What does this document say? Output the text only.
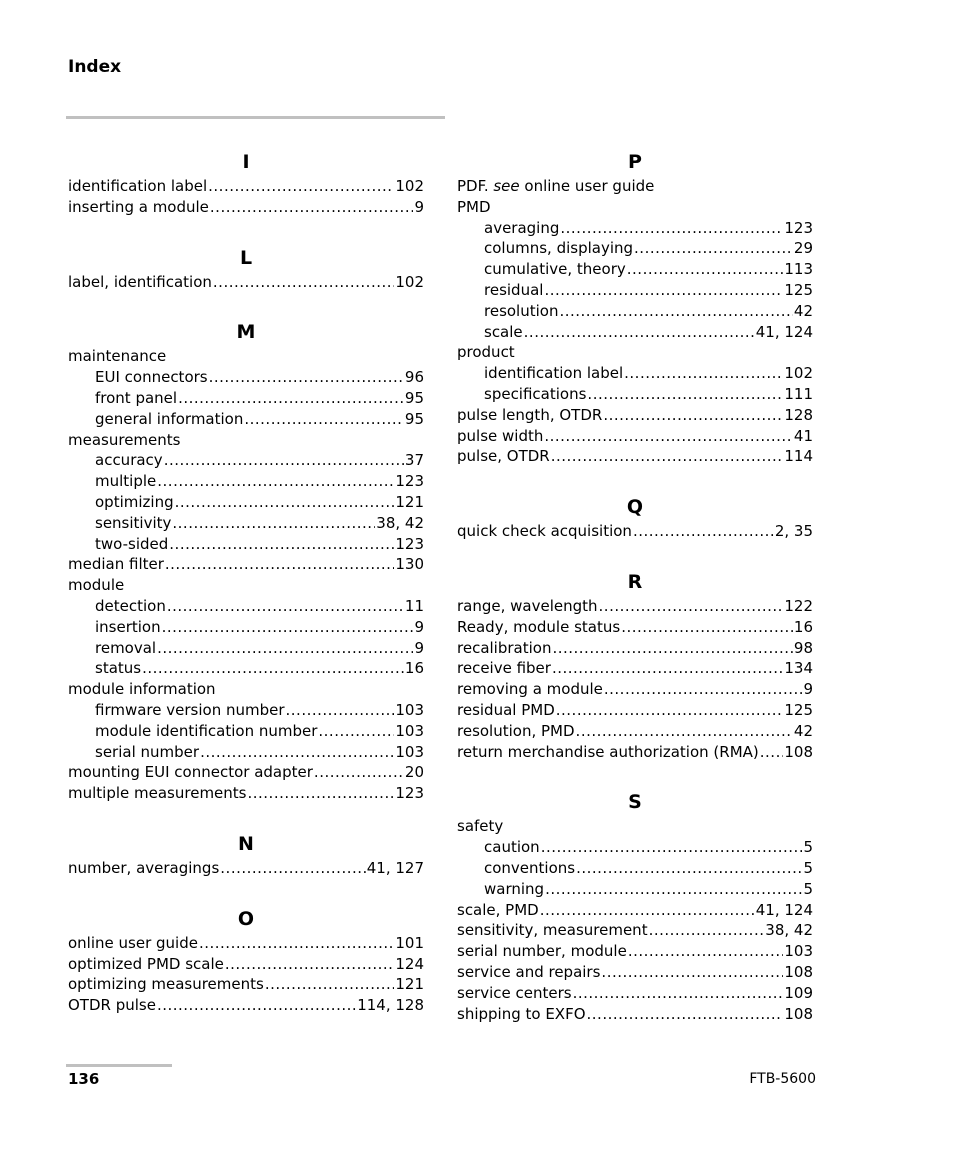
Index
I
identification label .....	102
inserting a module .....	9
L
label, identification .....	102
M
maintenance
EUI connectors .....	96
front panel .....	95
general information .....	95
measurements
accuracy .....	37
multiple .....	123
optimizing .....	121
sensitivity .....	38, 42
two-sided .....	123
median filter .....	130
module
detection .....	11
insertion .....	9
removal .....	9
status .....	16
module information
firmware version number .....	103
module identification number .....	103
serial number .....	103
mounting EUI connector adapter .....	20
multiple measurements .....	123
N
number, averagings .....	41, 127
O
online user guide .....	101
optimized PMD scale .....	124
optimizing measurements .....	121
OTDR pulse .....	114, 128
P
PDF. see online user guide
PMD
averaging .....	123
columns, displaying .....	29
cumulative, theory .....	113
residual .....	125
resolution .....	42
scale .....	41, 124
product
identification label .....	102
specifications .....	111
pulse length, OTDR .....	128
pulse width .....	41
pulse, OTDR .....	114
Q
quick check acquisition .....	2, 35
R
range, wavelength .....	122
Ready, module status .....	16
recalibration .....	98
receive fiber .....	134
removing a module .....	9
residual PMD .....	125
resolution, PMD .....	42
return merchandise authorization (RMA) ..... 108
S
safety
caution .....	5
conventions .....	5
warning .....	5
scale, PMD .....	41, 124
sensitivity, measurement .....	38, 42
serial number, module .....	103
service and repairs .....	108
service centers .....	109
shipping to EXFO .....	108
136	FTB-5600
